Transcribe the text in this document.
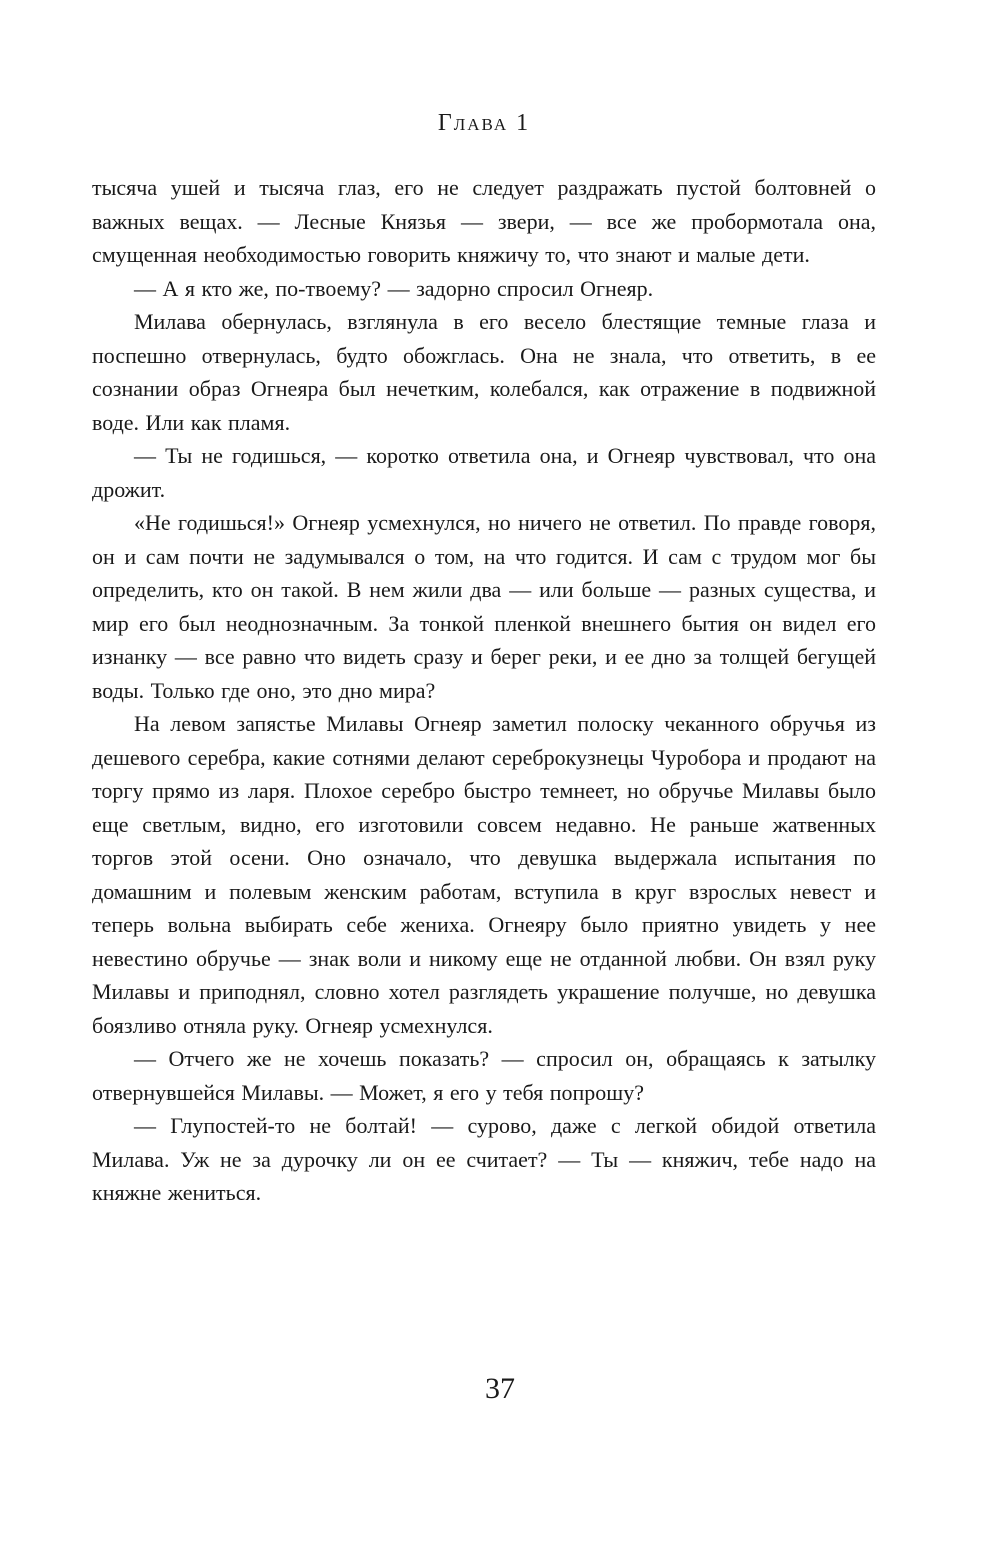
Глава 1

тысяча ушей и тысяча глаз, его не следует раздражать пустой болтовней о важных вещах. — Лесные Князья — звери, — все же пробормотала она, смущенная необходимостью говорить княжичу то, что знают и малые дети.

— А я кто же, по-твоему? — задорно спросил Огнеяр.

Милава обернулась, взглянула в его весело блестящие темные глаза и поспешно отвернулась, будто обожглась. Она не знала, что ответить, в ее сознании образ Огнеяра был нечетким, колебался, как отражение в подвижной воде. Или как пламя.

— Ты не годишься, — коротко ответила она, и Огнеяр чувствовал, что она дрожит.

«Не годишься!» Огнеяр усмехнулся, но ничего не ответил. По правде говоря, он и сам почти не задумывался о том, на что годится. И сам с трудом мог бы определить, кто он такой. В нем жили два — или больше — разных существа, и мир его был неоднозначным. За тонкой пленкой внешнего бытия он видел его изнанку — все равно что видеть сразу и берег реки, и ее дно за толщей бегущей воды. Только где оно, это дно мира?

На левом запястье Милавы Огнеяр заметил полоску чеканного обручья из дешевого серебра, какие сотнями делают сереброкузнецы Чуробора и продают на торгу прямо из ларя. Плохое серебро быстро темнеет, но обручье Милавы было еще светлым, видно, его изготовили совсем недавно. Не раньше жатвенных торгов этой осени. Оно означало, что девушка выдержала испытания по домашним и полевым женским работам, вступила в круг взрослых невест и теперь вольна выбирать себе жениха. Огнеяру было приятно увидеть у нее невестино обручье — знак воли и никому еще не отданной любви. Он взял руку Милавы и приподнял, словно хотел разглядеть украшение получше, но девушка боязливо отняла руку. Огнеяр усмехнулся.

— Отчего же не хочешь показать? — спросил он, обращаясь к затылку отвернувшейся Милавы. — Может, я его у тебя попрошу?

— Глупостей-то не болтай! — сурово, даже с легкой обидой ответила Милава. Уж не за дурочку ли он ее считает? — Ты — княжич, тебе надо на княжне жениться.

37
